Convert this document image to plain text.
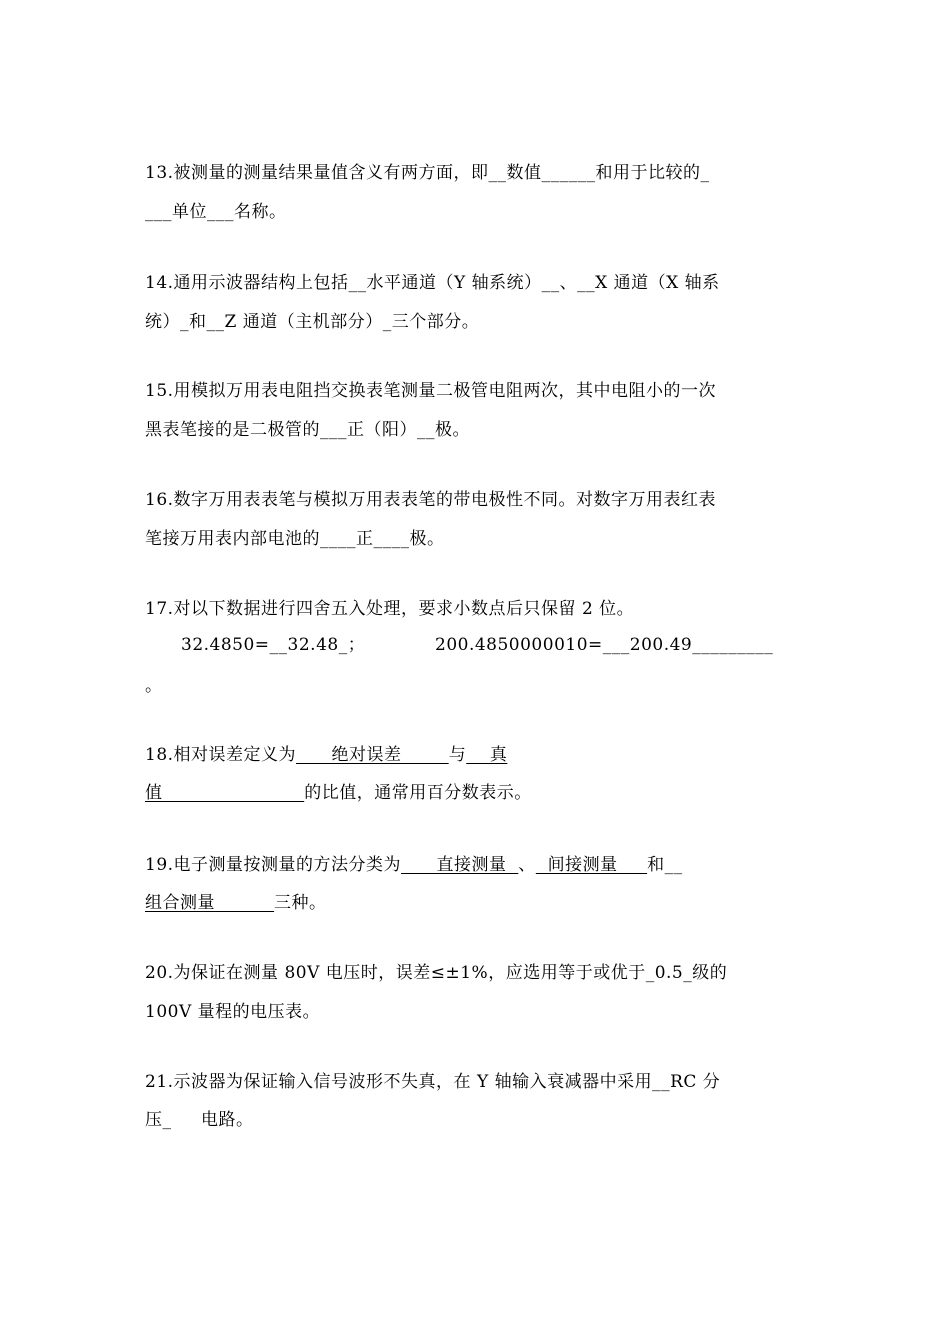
13.被测量的测量结果量值含义有两方面，即__数值______和用于比较的_
___单位___名称。
14.通用示波器结构上包括__水平通道（Y 轴系统）__、__X 通道（X 轴系
统）_和__Z 通道（主机部分）_三个部分。
15.用模拟万用表电阻挡交换表笔测量二极管电阻两次，其中电阻小的一次
黑表笔接的是二极管的___正（阳）__极。
16.数字万用表表笔与模拟万用表表笔的带电极性不同。对数字万用表红表
笔接万用表内部电池的____正____极。
17.对以下数据进行四舍五入处理，要求小数点后只保留 2 位。
32.4850=__32.48_；	200.4850000010=___200.49_________
。
18.相对误差定义为      绝对误差        与    真
值                        的比值，通常用百分数表示。
19.电子测量按测量的方法分类为      直接测量  、  间接测量     和__
组合测量          三种。
20.为保证在测量 80V 电压时，误差≤±1%，应选用等于或优于_0.5_级的
100V 量程的电压表。
21.示波器为保证输入信号波形不失真，在 Y 轴输入衰减器中采用__RC 分
压_     电路。
